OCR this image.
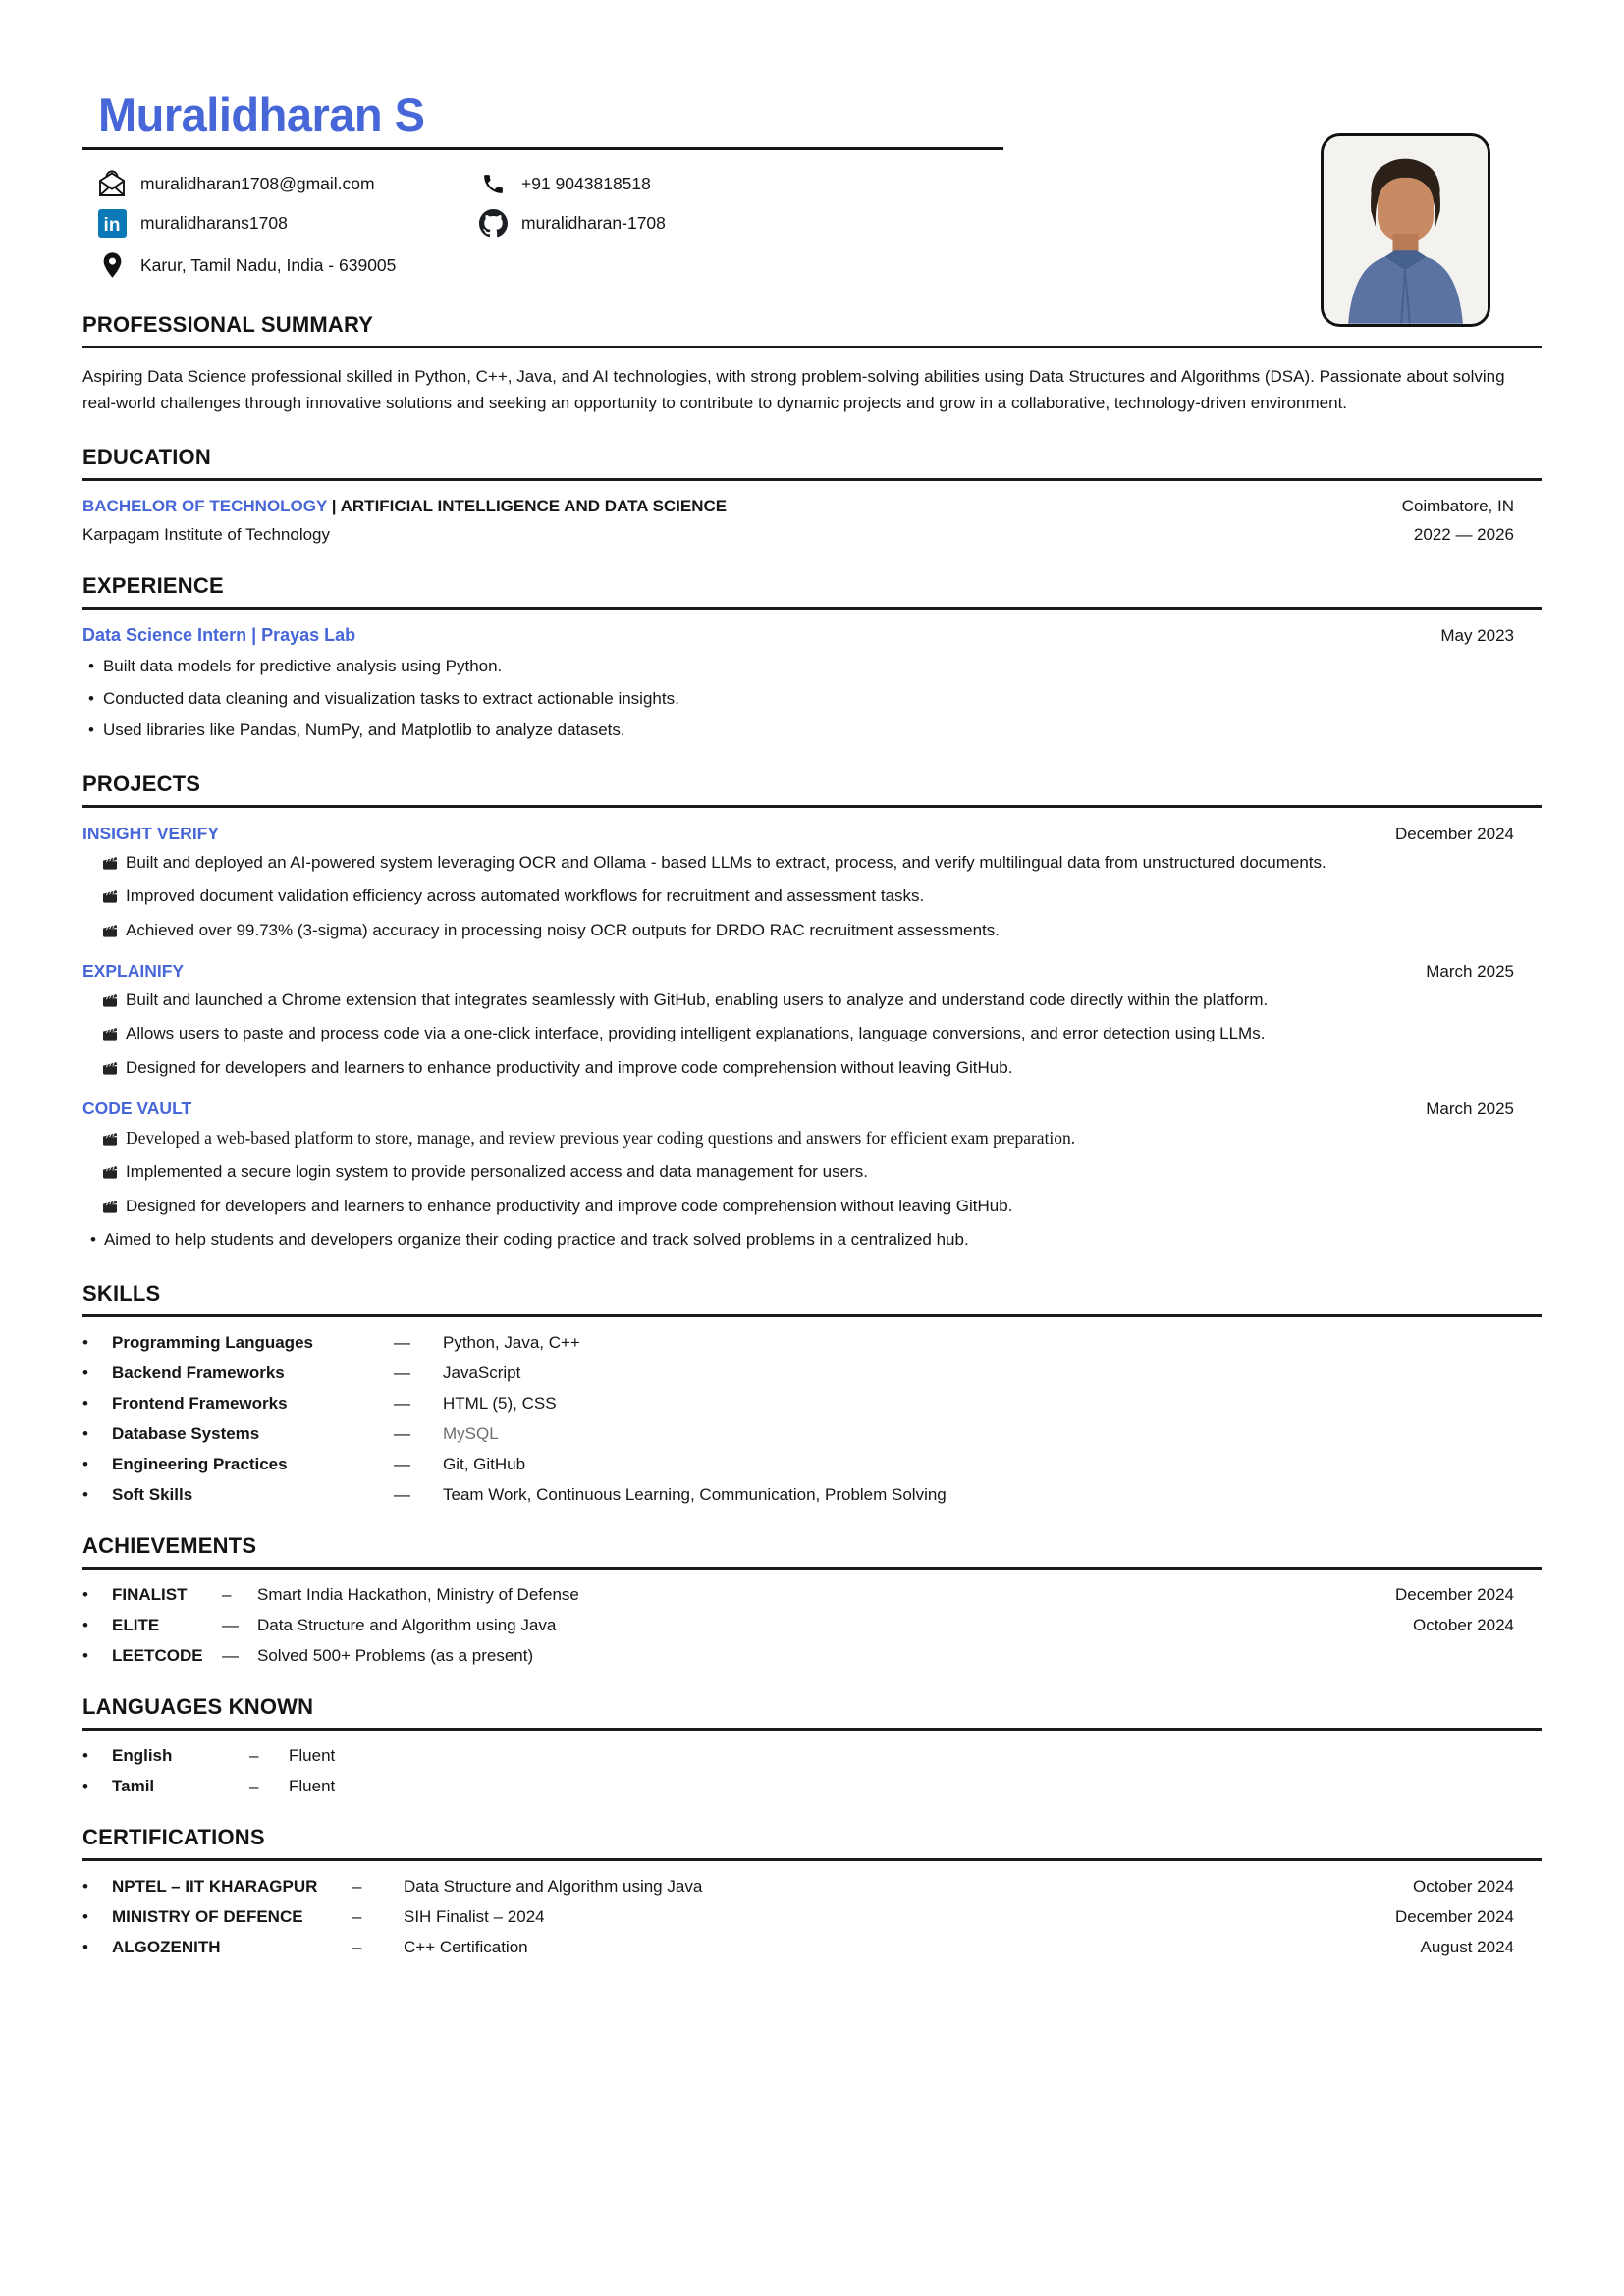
Muralidharan S
muralidharan1708@gmail.com	+91 9043818518
in	muralidharans1708	muralidharan-1708
Karur, Tamil Nadu, India - 639005
PROFESSIONAL SUMMARY
Aspiring Data Science professional skilled in Python, C++, Java, and AI technologies, with strong problem-solving abilities using Data Structures and Algorithms (DSA). Passionate about solving real-world challenges through innovative solutions and seeking an opportunity to contribute to dynamic projects and grow in a collaborative, technology-driven environment.
EDUCATION
BACHELOR OF TECHNOLOGY | ARTIFICIAL INTELLIGENCE AND DATA SCIENCE	Coimbatore, IN
Karpagam Institute of Technology	2022 — 2026
EXPERIENCE
Data Science Intern | Prayas Lab	May 2023
• Built data models for predictive analysis using Python.
• Conducted data cleaning and visualization tasks to extract actionable insights.
• Used libraries like Pandas, NumPy, and Matplotlib to analyze datasets.
PROJECTS
INSIGHT VERIFY	December 2024
Built and deployed an AI-powered system leveraging OCR and Ollama - based LLMs to extract, process, and verify multilingual data from unstructured documents.
Improved document validation efficiency across automated workflows for recruitment and assessment tasks.
Achieved over 99.73% (3-sigma) accuracy in processing noisy OCR outputs for DRDO RAC recruitment assessments.
EXPLAINIFY	March 2025
Built and launched a Chrome extension that integrates seamlessly with GitHub, enabling users to analyze and understand code directly within the platform.
Allows users to paste and process code via a one-click interface, providing intelligent explanations, language conversions, and error detection using LLMs.
Designed for developers and learners to enhance productivity and improve code comprehension without leaving GitHub.
CODE VAULT	March 2025
Developed a web-based platform to store, manage, and review previous year coding questions and answers for efficient exam preparation.
Implemented a secure login system to provide personalized access and data management for users.
Designed for developers and learners to enhance productivity and improve code comprehension without leaving GitHub.
• Aimed to help students and developers organize their coding practice and track solved problems in a centralized hub.
SKILLS
•	Programming Languages	—	Python, Java, C++
•	Backend Frameworks	—	JavaScript
•	Frontend Frameworks	—	HTML (5), CSS
•	Database Systems	—	MySQL
•	Engineering Practices	—	Git, GitHub
•	Soft Skills	—	Team Work, Continuous Learning, Communication, Problem Solving
ACHIEVEMENTS
•	FINALIST	–	Smart India Hackathon, Ministry of Defense	December 2024
•	ELITE	—	Data Structure and Algorithm using Java	October 2024
•	LEETCODE	—	Solved 500+ Problems (as a present)
LANGUAGES KNOWN
•	English	–	Fluent
•	Tamil	–	Fluent
CERTIFICATIONS
•	NPTEL – IIT KHARAGPUR	–	Data Structure and Algorithm using Java	October 2024
•	MINISTRY OF DEFENCE	–	SIH Finalist – 2024	December 2024
•	ALGOZENITH	–	C++ Certification	August 2024
